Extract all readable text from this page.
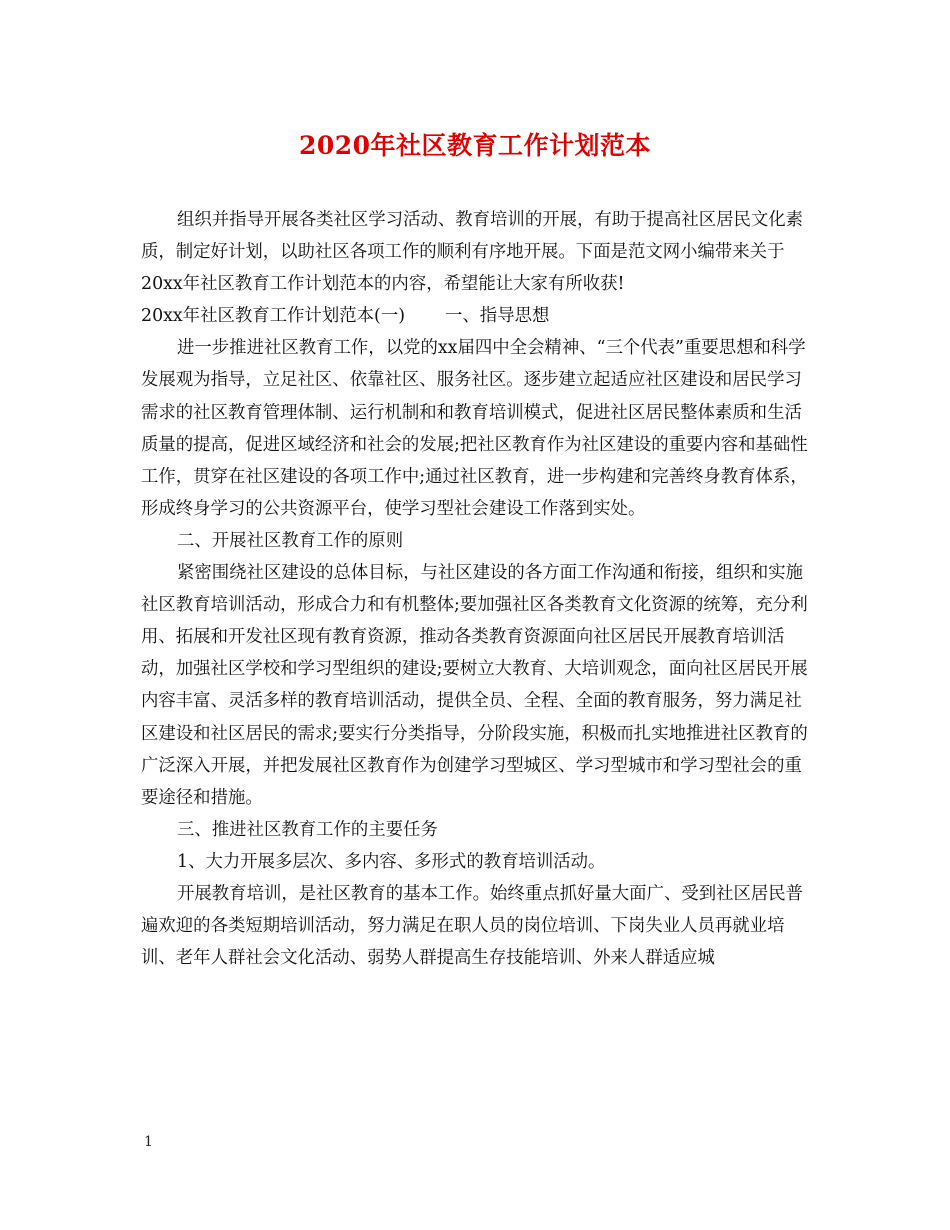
2020年社区教育工作计划范本

组织并指导开展各类社区学习活动、教育培训的开展，有助于提高社区居民文化素质，制定好计划，以助社区各项工作的顺利有序地开展。下面是范文网小编带来关于20xx年社区教育工作计划范本的内容，希望能让大家有所收获!

20xx年社区教育工作计划范本(一) 一、指导思想

进一步推进社区教育工作，以党的xx届四中全会精神、“三个代表”重要思想和科学发展观为指导，立足社区、依靠社区、服务社区。逐步建立起适应社区建设和居民学习需求的社区教育管理体制、运行机制和和教育培训模式，促进社区居民整体素质和生活质量的提高，促进区域经济和社会的发展;把社区教育作为社区建设的重要内容和基础性工作，贯穿在社区建设的各项工作中;通过社区教育，进一步构建和完善终身教育体系，形成终身学习的公共资源平台，使学习型社会建设工作落到实处。

二、开展社区教育工作的原则

紧密围绕社区建设的总体目标，与社区建设的各方面工作沟通和衔接，组织和实施社区教育培训活动，形成合力和有机整体;要加强社区各类教育文化资源的统筹，充分利用、拓展和开发社区现有教育资源，推动各类教育资源面向社区居民开展教育培训活动，加强社区学校和学习型组织的建设;要树立大教育、大培训观念，面向社区居民开展内容丰富、灵活多样的教育培训活动，提供全员、全程、全面的教育服务，努力满足社区建设和社区居民的需求;要实行分类指导，分阶段实施，积极而扎实地推进社区教育的广泛深入开展，并把发展社区教育作为创建学习型城区、学习型城市和学习型社会的重要途径和措施。

三、推进社区教育工作的主要任务

1、大力开展多层次、多内容、多形式的教育培训活动。

开展教育培训，是社区教育的基本工作。始终重点抓好量大面广、受到社区居民普遍欢迎的各类短期培训活动，努力满足在职人员的岗位培训、下岗失业人员再就业培训、老年人群社会文化活动、弱势人群提高生存技能培训、外来人群适应城

1
